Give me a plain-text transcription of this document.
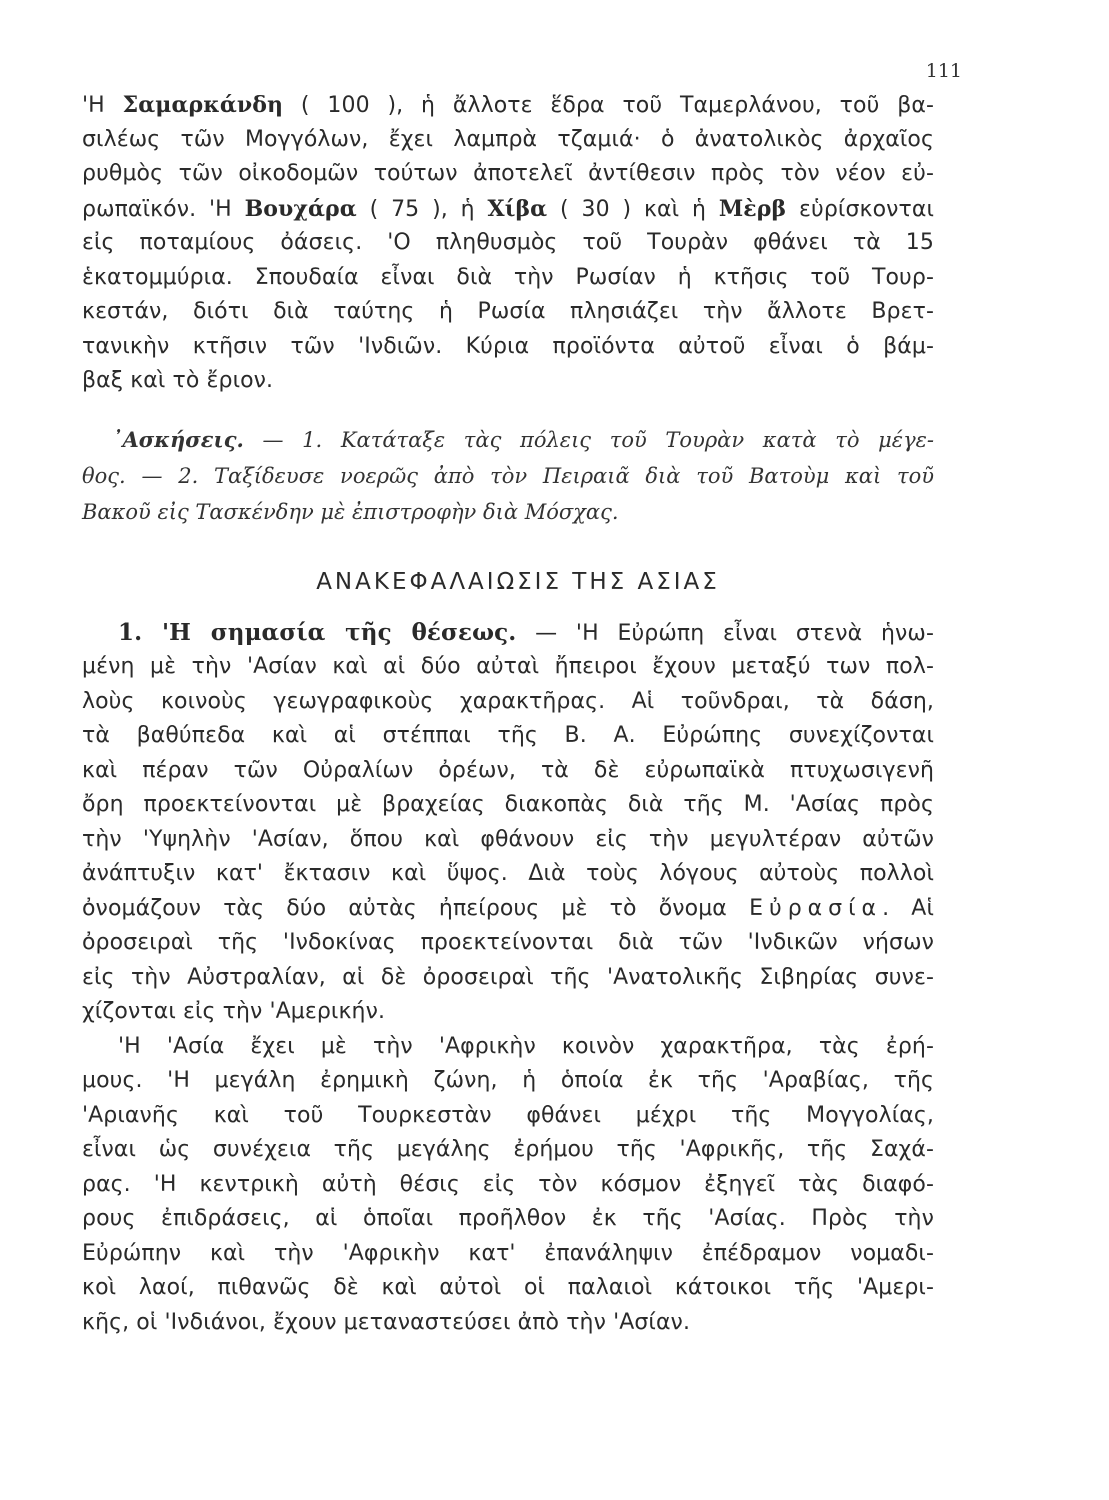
111
'Η Σαμαρκάνδη ( 100 ), ἡ ἄλλοτε ἕδρα τοῦ Ταμερλάνου, τοῦ βα-
σιλέως τῶν Μογγόλων, ἔχει λαμπρὰ τζαμιά· ὁ ἀνατολικὸς ἀρχαῖος
ρυθμὸς τῶν οἰκοδομῶν τούτων ἀποτελεῖ ἀντίθεσιν πρὸς τὸν νέον εὐ-
ρωπαϊκόν. 'Η Βουχάρα ( 75 ), ἡ Χίβα ( 30 ) καὶ ἡ Μὲρβ εὑρίσκονται
εἰς ποταμίους ὀάσεις. 'Ο πληθυσμὸς τοῦ Τουρὰν φθάνει τὰ 15
ἑκατομμύρια. Σπουδαία εἶναι διὰ τὴν Ρωσίαν ἡ κτῆσις τοῦ Τουρ-
κεστάν, διότι διὰ ταύτης ἡ Ρωσία πλησιάζει τὴν ἄλλοτε Βρετ-
τανικὴν κτῆσιν τῶν 'Ινδιῶν. Κύρια προϊόντα αὐτοῦ εἶναι ὁ βάμ-
βαξ καὶ τὸ ἔριον.
᾿Ασκήσεις. — 1. Κατάταξε τὰς πόλεις τοῦ Τουρὰν κατὰ τὸ μέγε-
θος. — 2. Ταξίδευσε νοερῶς ἀπὸ τὸν Πειραιᾶ διὰ τοῦ Βατοὺμ καὶ τοῦ
Βακοῦ εἰς Τασκένδην μὲ ἐπιστροφὴν διὰ Μόσχας.
ΑΝΑΚΕΦΑΛΑΙΩΣΙΣ ΤΗΣ ΑΣΙΑΣ
1. 'Η σημασία τῆς θέσεως. — 'Η Εὐρώπη εἶναι στενὰ ἡνω-
μένη μὲ τὴν 'Ασίαν καὶ αἱ δύο αὐταὶ ἤπειροι ἔχουν μεταξύ των πολ-
λοὺς κοινοὺς γεωγραφικοὺς χαρακτῆρας. Αἱ τοῦνδραι, τὰ δάση,
τὰ βαθύπεδα καὶ αἱ στέππαι τῆς Β. Α. Εὐρώπης συνεχίζονται
καὶ πέραν τῶν Οὐραλίων ὀρέων, τὰ δὲ εὐρωπαϊκὰ πτυχωσιγενῆ
ὄρη προεκτείνονται μὲ βραχείας διακοπὰς διὰ τῆς Μ. 'Ασίας πρὸς
τὴν 'Υψηλὴν 'Ασίαν, ὅπου καὶ φθάνουν εἰς τὴν μεγυλτέραν αὐτῶν
ἀνάπτυξιν κατ' ἔκτασιν καὶ ὕψος. Διὰ τοὺς λόγους αὐτοὺς πολλοὶ
ὀνομάζουν τὰς δύο αὐτὰς ἠπείρους μὲ τὸ ὄνομα Εὐρασία. Αἱ
ὀροσειραὶ τῆς 'Ινδοκίνας προεκτείνονται διὰ τῶν 'Ινδικῶν νήσων
εἰς τὴν Αὐστραλίαν, αἱ δὲ ὀροσειραὶ τῆς 'Ανατολικῆς Σιβηρίας συνε-
χίζονται εἰς τὴν 'Αμερικήν.
'Η 'Ασία ἔχει μὲ τὴν 'Αφρικὴν κοινὸν χαρακτῆρα, τὰς ἐρή-
μους. 'Η μεγάλη ἐρημικὴ ζώνη, ἡ ὁποία ἐκ τῆς 'Αραβίας, τῆς
'Αριανῆς καὶ τοῦ Τουρκεστὰν φθάνει μέχρι τῆς Μογγολίας,
εἶναι ὡς συνέχεια τῆς μεγάλης ἐρήμου τῆς 'Αφρικῆς, τῆς Σαχά-
ρας. 'Η κεντρικὴ αὐτὴ θέσις εἰς τὸν κόσμον ἐξηγεῖ τὰς διαφό-
ρους ἐπιδράσεις, αἱ ὁποῖαι προῆλθον ἐκ τῆς 'Ασίας. Πρὸς τὴν
Εὐρώπην καὶ τὴν 'Αφρικὴν κατ' ἐπανάληψιν ἐπέδραμον νομαδι-
κοὶ λαοί, πιθανῶς δὲ καὶ αὐτοὶ οἱ παλαιοὶ κάτοικοι τῆς 'Αμερι-
κῆς, οἱ 'Ινδιάνοι, ἔχουν μεταναστεύσει ἀπὸ τὴν 'Ασίαν.
